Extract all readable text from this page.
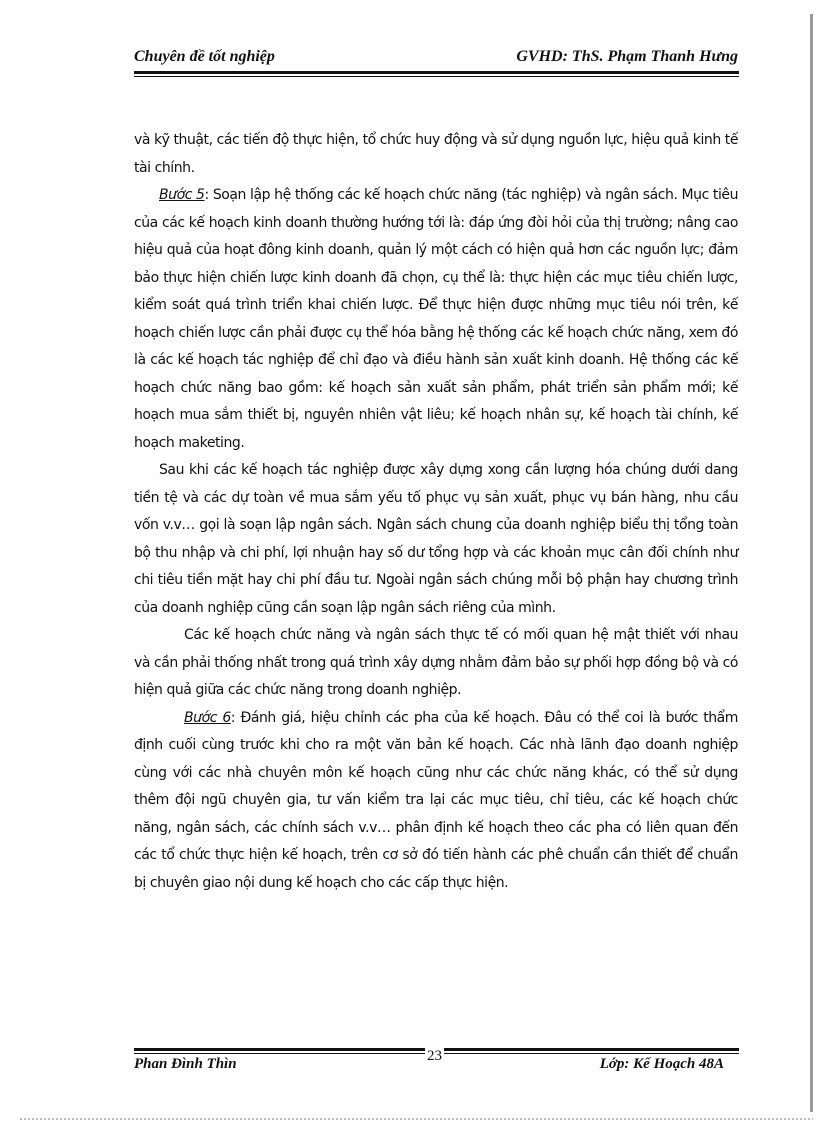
Chuyên đề tốt nghiệp	GVHD: ThS. Phạm Thanh Hưng

và kỹ thuật, các tiến độ thực hiện, tổ chức huy động và sử dụng nguồn lực, hiệu quả kinh tế tài chính.

Bước 5: Soạn lập hệ thống các kế hoạch chức năng (tác nghiệp) và ngân sách. Mục tiêu của các kế hoạch kinh doanh thường hướng tới là: đáp ứng đòi hỏi của thị trường; nâng cao hiệu quả của hoạt đông kinh doanh, quản lý một cách có hiện quả hơn các nguồn lực; đảm bảo thực hiện chiến lược kinh doanh đã chọn, cụ thể là: thực hiện các mục tiêu chiến lược, kiểm soát quá trình triển khai chiến lược. Để thực hiện được những mục tiêu nói trên, kế hoạch chiến lược cần phải được cụ thể hóa bằng hệ thống các kế hoạch chức năng, xem đó là các kế hoạch tác nghiệp để chỉ đạo và điều hành sản xuất kinh doanh. Hệ thống các kế hoạch chức năng bao gồm: kế hoạch sản xuất sản phẩm, phát triển sản phẩm mới; kế hoạch mua sắm thiết bị, nguyên nhiên vật liêu; kế hoạch nhân sự, kế hoạch tài chính, kế hoạch maketing.

Sau khi các kế hoạch tác nghiệp được xây dựng xong cần lượng hóa chúng dưới dang tiền tệ và các dự toàn về mua sắm yếu tố phục vụ sản xuất, phục vụ bán hàng, nhu cầu vốn v.v… gọi là soạn lập ngân sách. Ngân sách chung của doanh nghiệp biểu thị tổng toàn bộ thu nhập và chi phí, lợi nhuận hay số dư tổng hợp và các khoản mục cân đối chính như chi tiêu tiền mặt hay chi phí đầu tư. Ngoài ngân sách chúng mỗi bộ phận hay chương trình của doanh nghiệp cũng cần soạn lập ngân sách riêng của mình.

Các kế hoạch chức năng và ngân sách thực tế có mối quan hệ mật thiết với nhau và cần phải thống nhất trong quá trình xây dựng nhằm đảm bảo sự phối hợp đồng bộ và có hiện quả giữa các chức năng trong doanh nghiệp.

Bước 6: Đánh giá, hiệu chỉnh các pha của kế hoạch. Đâu có thể coi là bước thẩm định cuối cùng trước khi cho ra một văn bản kế hoạch. Các nhà lãnh đạo doanh nghiệp cùng với các nhà chuyên môn kế hoạch cũng như các chức năng khác, có thể sử dụng thêm đội ngũ chuyên gia, tư vấn kiểm tra lại các mục tiêu, chỉ tiêu, các kế hoạch chức năng, ngân sách, các chính sách v.v… phân định kế hoạch theo các pha có liên quan đến các tổ chức thực hiện kế hoạch, trên cơ sở đó tiến hành các phê chuẩn cần thiết để chuẩn bị chuyên giao nội dung kế hoạch cho các cấp thực hiện.

23
Phan Đình Thìn	Lớp: Kế Hoạch 48A
